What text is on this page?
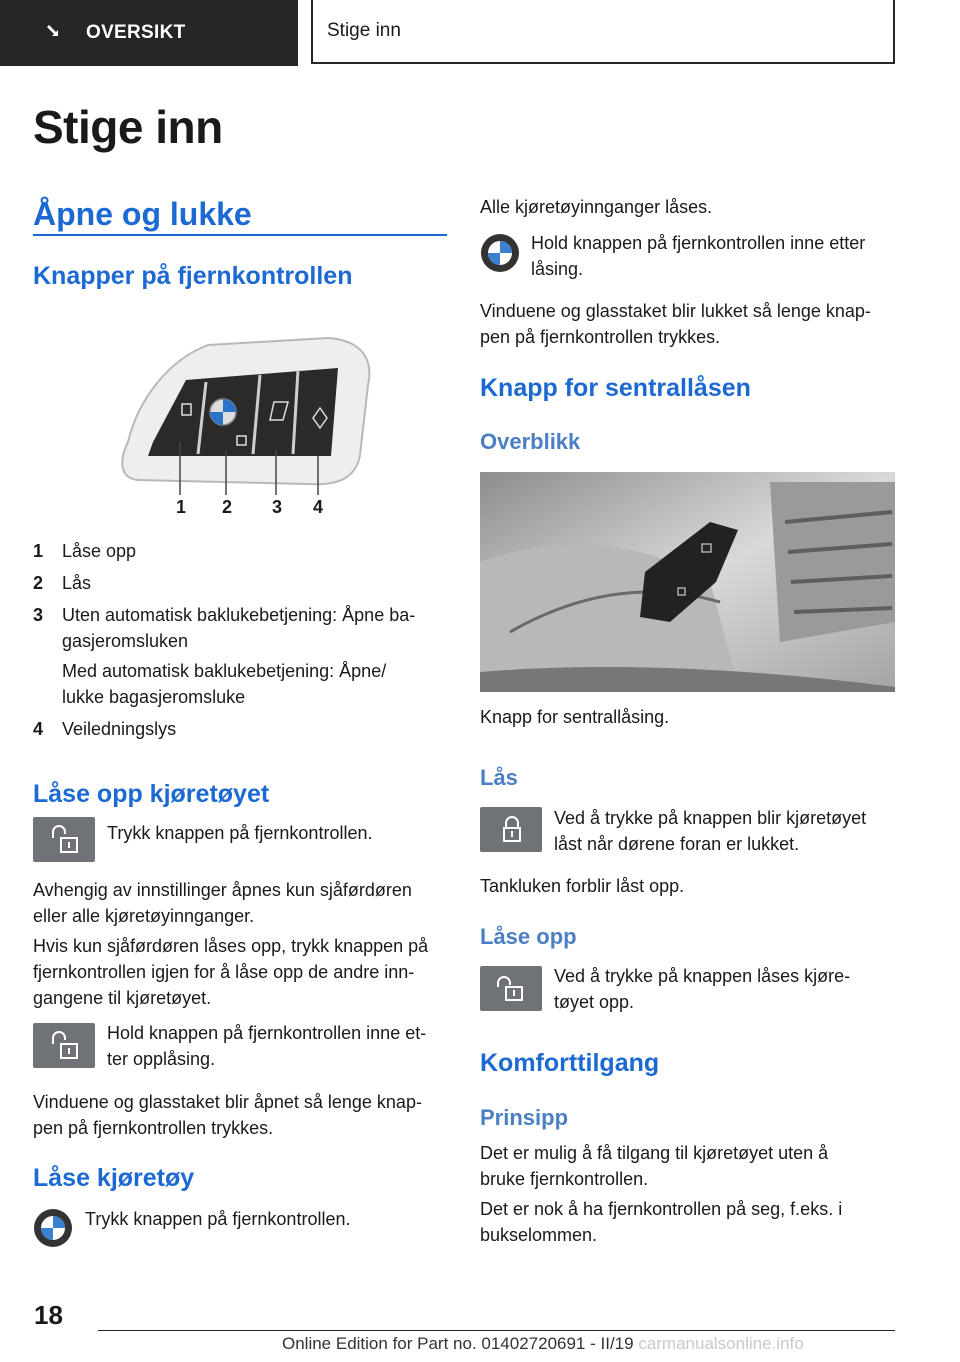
OVERSIKT	Stige inn
Stige inn
Åpne og lukke
Knapper på fjernkontrollen
1 2 3 4
1 Låse opp

2 Lås

3 Uten automatisk baklukebetjening: Åpne ba-

gasjeromsluken

Med automatisk baklukebetjening: Åpne/

lukke bagasjeromsluke

4 Veiledningslys

Låse opp kjøretøyet

Trykk knappen på fjernkontrollen.

Avhengig av innstillinger åpnes kun sjåførdøren

eller alle kjøretøyinnganger.

Hvis kun sjåførdøren låses opp, trykk knappen på

fjernkontrollen igjen for å låse opp de andre inn-

gangene til kjøretøyet.

Hold knappen på fjernkontrollen inne et-

ter opplåsing.

Vinduene og glasstaket blir åpnet så lenge knap-

pen på fjernkontrollen trykkes.

Låse kjøretøy

Trykk knappen på fjernkontrollen.

Alle kjøretøyinnganger låses.

Hold knappen på fjernkontrollen inne etter

låsing.

Vinduene og glasstaket blir lukket så lenge knap-

pen på fjernkontrollen trykkes.

Knapp for sentrallåsen
Overblikk

Knapp for sentrallåsing.

Lås

Ved å trykke på knappen blir kjøretøyet

låst når dørene foran er lukket.

Tankluken forblir låst opp.

Låse opp

Ved å trykke på knappen låses kjøre-

tøyet opp.

Komforttilgang
Prinsipp

Det er mulig å få tilgang til kjøretøyet uten å

bruke fjernkontrollen.

Det er nok å ha fjernkontrollen på seg, f.eks. i

bukselommen.

18
Online Edition for Part no. 01402720691 - II/19 carmanualsonline.info
